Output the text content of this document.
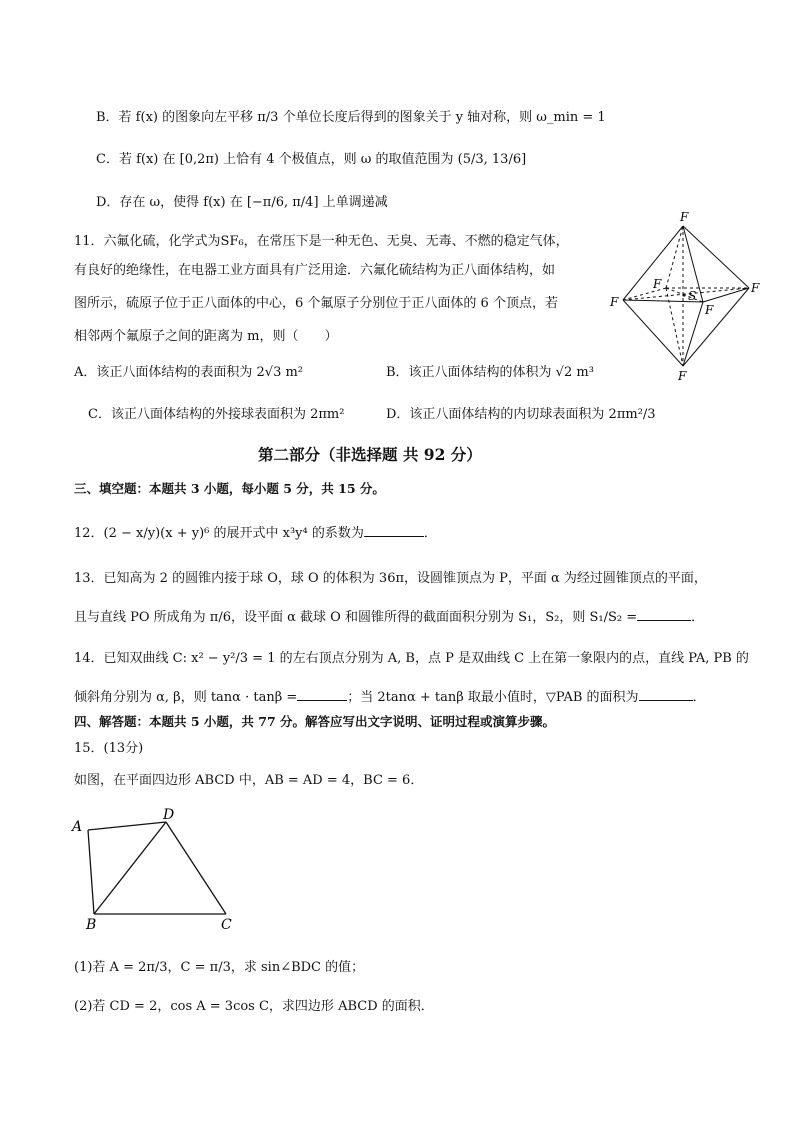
B．若 f(x) 的图象向左平移 π/3 个单位长度后得到的图象关于 y 轴对称，则 ω_min = 1
C．若 f(x) 在 [0,2π) 上恰有 4 个极值点，则 ω 的取值范围为 (5/3, 13/6]
D．存在 ω，使得 f(x) 在 [−π/6, π/4] 上单调递减
11．六氟化硫，化学式为SF₆，在常压下是一种无色、无臭、无毒、不燃的稳定气体，
有良好的绝缘性，在电器工业方面具有广泛用途．六氟化硫结构为正八面体结构，如
图所示，硫原子位于正八面体的中心，6 个氟原子分别位于正八面体的 6 个顶点，若
相邻两个氟原子之间的距离为 m，则（　　）
A．该正八面体结构的表面积为 2√3 m²	B．该正八面体结构的体积为 √2 m³
C．该正八面体结构的外接球表面积为 2πm²	D．该正八面体结构的内切球表面积为 2πm²/3
F
F
F
F
F
F
S
第二部分（非选择题 共 92 分）
三、填空题：本题共 3 小题，每小题 5 分，共 15 分。
12．(2 − x/y)(x + y)⁶ 的展开式中 x³y⁴ 的系数为	．
13．已知高为 2 的圆锥内接于球 O，球 O 的体积为 36π，设圆锥顶点为 P，平面 α 为经过圆锥顶点的平面，
且与直线 PO 所成角为 π/6，设平面 α 截球 O 和圆锥所得的截面面积分别为 S₁，S₂，则 S₁/S₂ =	．
14．已知双曲线 C: x² − y²/3 = 1 的左右顶点分别为 A, B，点 P 是双曲线 C 上在第一象限内的点，直线 PA, PB 的
倾斜角分别为 α, β，则 tanα · tanβ =	；当 2tanα + tanβ 取最小值时，▽PAB 的面积为	．
四、解答题：本题共 5 小题，共 77 分。解答应写出文字说明、证明过程或演算步骤。
15．(13分)
如图，在平面四边形 ABCD 中，AB = AD = 4，BC = 6．
A
B	C
D
(1)若 A = 2π/3，C = π/3，求 sin∠BDC 的值；
(2)若 CD = 2，cos A = 3cos C，求四边形 ABCD 的面积．
